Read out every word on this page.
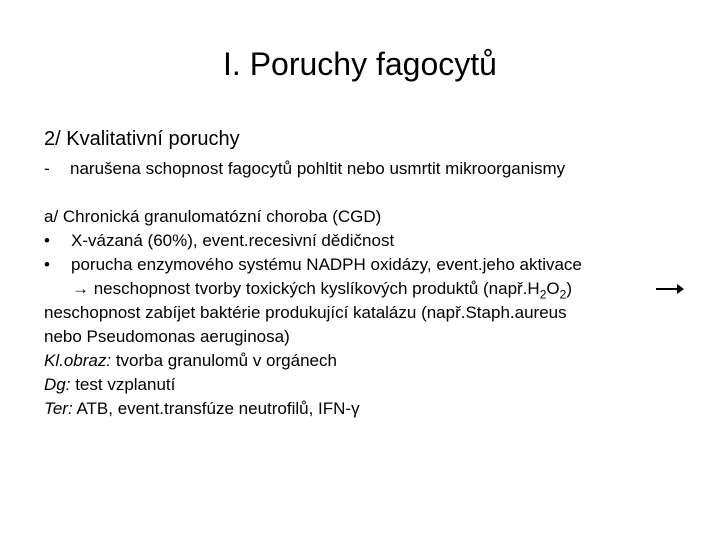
I. Poruchy fagocytů
2/ Kvalitativní poruchy
- narušena schopnost fagocytů pohltit nebo usmrtit mikroorganismy
a/ Chronická granulomatózní choroba (CGD)
• X-vázaná (60%), event.recesivní dědičnost
• porucha enzymového systému NADPH oxidázy, event.jeho aktivace
→ neschopnost tvorby toxických kyslíkových produktů $(např.H_2O_2)$
neschopnost zabíjet baktérie produkující katalázu (např.Staph.aureus
nebo Pseudomonas aeruginosa)
Kl.obraz: tvorba granulomů v orgánech
Dg: test vzplanutí
Ter: ATB, event.transfúze neutrofilů, IFN-γ
